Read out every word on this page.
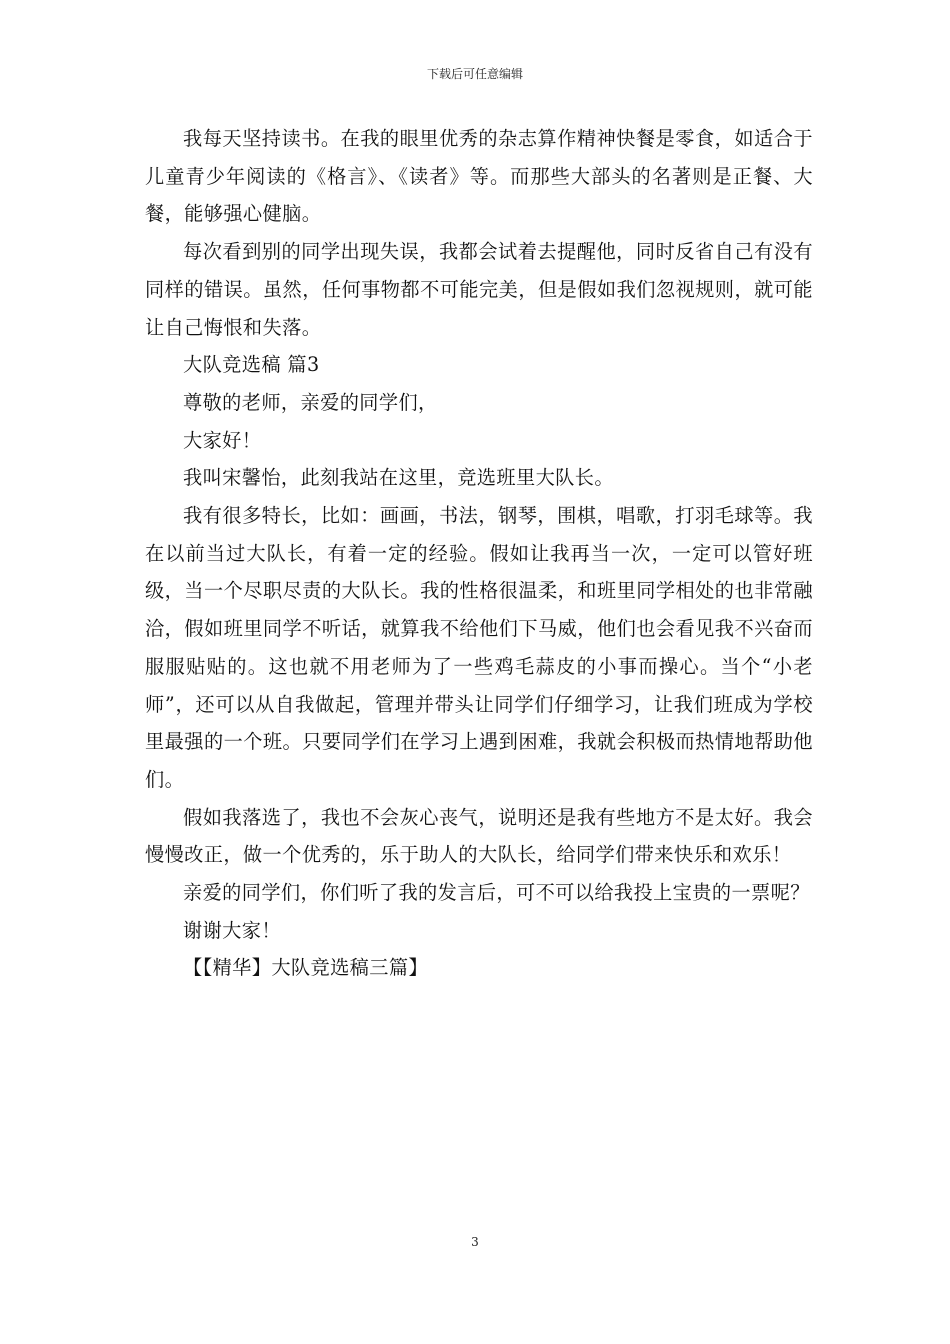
下载后可任意编辑

我每天坚持读书。在我的眼里优秀的杂志算作精神快餐是零食，如适合于儿童青少年阅读的《格言》、《读者》等。而那些大部头的名著则是正餐、大餐，能够强心健脑。

每次看到别的同学出现失误，我都会试着去提醒他，同时反省自己有没有同样的错误。虽然，任何事物都不可能完美，但是假如我们忽视规则，就可能让自己悔恨和失落。

大队竞选稿 篇3

尊敬的老师，亲爱的同学们，

大家好！

我叫宋馨怡，此刻我站在这里，竞选班里大队长。

我有很多特长，比如：画画，书法，钢琴，围棋，唱歌，打羽毛球等。我在以前当过大队长，有着一定的经验。假如让我再当一次，一定可以管好班级，当一个尽职尽责的大队长。我的性格很温柔，和班里同学相处的也非常融洽，假如班里同学不听话，就算我不给他们下马威，他们也会看见我不兴奋而服服贴贴的。这也就不用老师为了一些鸡毛蒜皮的小事而操心。当个“小老师”，还可以从自我做起，管理并带头让同学们仔细学习，让我们班成为学校里最强的一个班。只要同学们在学习上遇到困难，我就会积极而热情地帮助他们。

假如我落选了，我也不会灰心丧气，说明还是我有些地方不是太好。我会慢慢改正，做一个优秀的，乐于助人的大队长，给同学们带来快乐和欢乐！

亲爱的同学们，你们听了我的发言后，可不可以给我投上宝贵的一票呢？

谢谢大家！

【【精华】大队竞选稿三篇】

3
